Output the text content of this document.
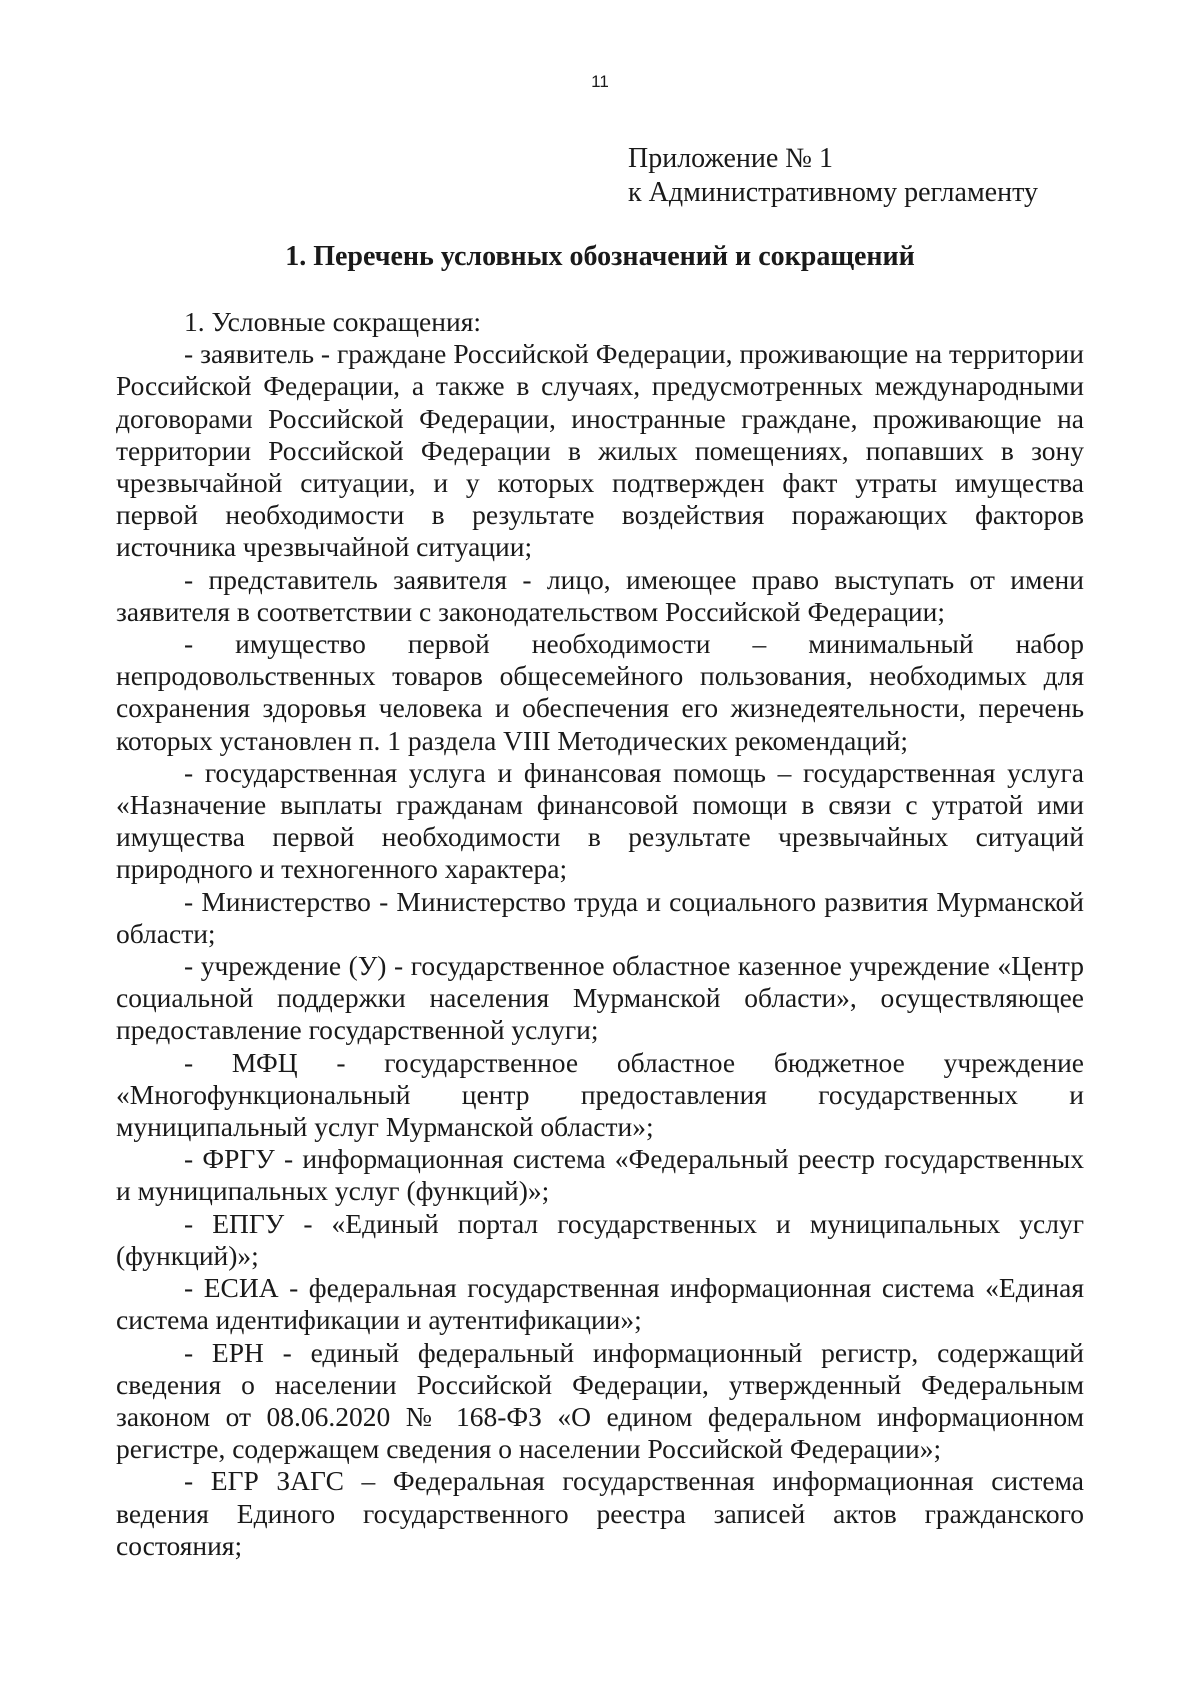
11
Приложение № 1
к Административному регламенту
1. Перечень условных обозначений и сокращений

1. Условные сокращения:

- заявитель - граждане Российской Федерации, проживающие на территории Российской Федерации, а также в случаях, предусмотренных международными договорами Российской Федерации, иностранные граждане, проживающие на территории Российской Федерации в жилых помещениях, попавших в зону чрезвычайной ситуации, и у которых подтвержден факт утраты имущества первой необходимости в результате воздействия поражающих факторов источника чрезвычайной ситуации;

- представитель заявителя - лицо, имеющее право выступать от имени заявителя в соответствии с законодательством Российской Федерации;

- имущество первой необходимости – минимальный набор непродовольственных товаров общесемейного пользования, необходимых для сохранения здоровья человека и обеспечения его жизнедеятельности, перечень которых установлен п. 1 раздела VIII Методических рекомендаций;

- государственная услуга и финансовая помощь – государственная услуга «Назначение выплаты гражданам финансовой помощи в связи с утратой ими имущества первой необходимости в результате чрезвычайных ситуаций природного и техногенного характера;

- Министерство - Министерство труда и социального развития Мурманской области;

- учреждение (У) - государственное областное казенное учреждение «Центр социальной поддержки населения Мурманской области», осуществляющее предоставление государственной услуги;

- МФЦ - государственное областное бюджетное учреждение «Многофункциональный центр предоставления государственных и муниципальный услуг Мурманской области»;

- ФРГУ - информационная система «Федеральный реестр государственных и муниципальных услуг (функций)»;

- ЕПГУ - «Единый портал государственных и муниципальных услуг (функций)»;

- ЕСИА - федеральная государственная информационная система «Единая система идентификации и аутентификации»;

- ЕРН - единый федеральный информационный регистр, содержащий сведения о населении Российской Федерации, утвержденный Федеральным законом от 08.06.2020 № 168-ФЗ «О едином федеральном информационном регистре, содержащем сведения о населении Российской Федерации»;

- ЕГР ЗАГС – Федеральная государственная информационная система ведения Единого государственного реестра записей актов гражданского состояния;
